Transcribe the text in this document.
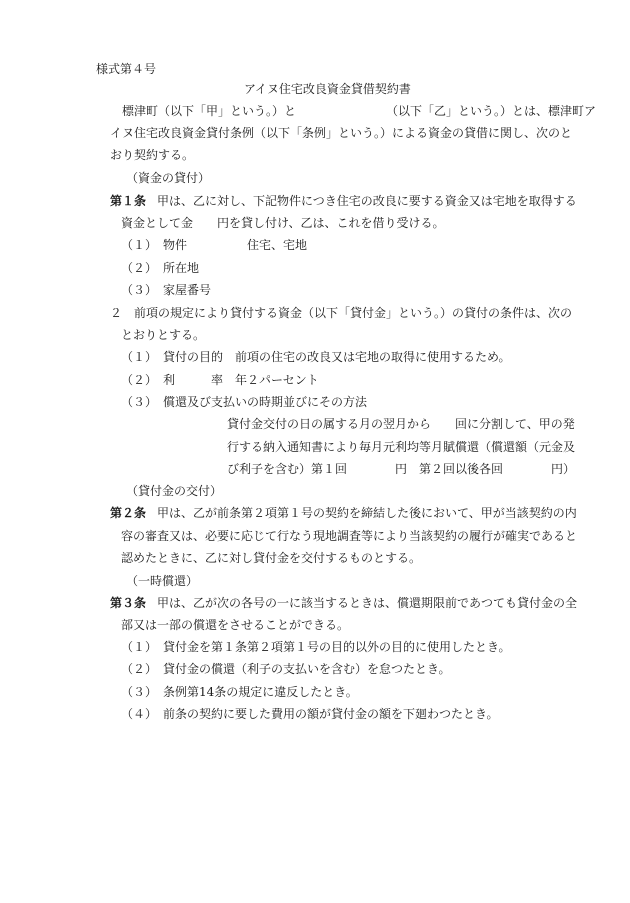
様式第４号
アイヌ住宅改良資金貸借契約書
標津町（以下「甲」という。）と　　　　　　　　（以下「乙」という。）とは、標津町ア
イヌ住宅改良資金貸付条例（以下「条例」という。）による資金の貸借に関し、次のと
おり契約する。
（資金の貸付）
第１条 甲は、乙に対し、下記物件につき住宅の改良に要する資金又は宅地を取得する
資金として金　　円を貸し付け、乙は、これを借り受ける。
（１）　物件　　　　　住宅、宅地
（２）　所在地
（３）　家屋番号
２　前項の規定により貸付する資金（以下「貸付金」という。）の貸付の条件は、次の
とおりとする。
（１）　貸付の目的　前項の住宅の改良又は宅地の取得に使用するため。
（２）　利　　　率　年２パーセント
（３）　償還及び支払いの時期並びにその方法
貸付金交付の日の属する月の翌月から　　回に分割して、甲の発
行する納入通知書により毎月元利均等月賦償還（償還額（元金及
び利子を含む）第１回　　　　円　第２回以後各回　　　　円）
（貸付金の交付）
第２条 甲は、乙が前条第２項第１号の契約を締結した後において、甲が当該契約の内
容の審査又は、必要に応じて行なう現地調査等により当該契約の履行が確実であると
認めたときに、乙に対し貸付金を交付するものとする。
（一時償還）
第３条 甲は、乙が次の各号の一に該当するときは、償還期限前であつても貸付金の全
部又は一部の償還をさせることができる。
（１）　貸付金を第１条第２項第１号の目的以外の目的に使用したとき。
（２）　貸付金の償還（利子の支払いを含む）を怠つたとき。
（３）　条例第14条の規定に違反したとき。
（４）　前条の契約に要した費用の額が貸付金の額を下廻わつたとき。
